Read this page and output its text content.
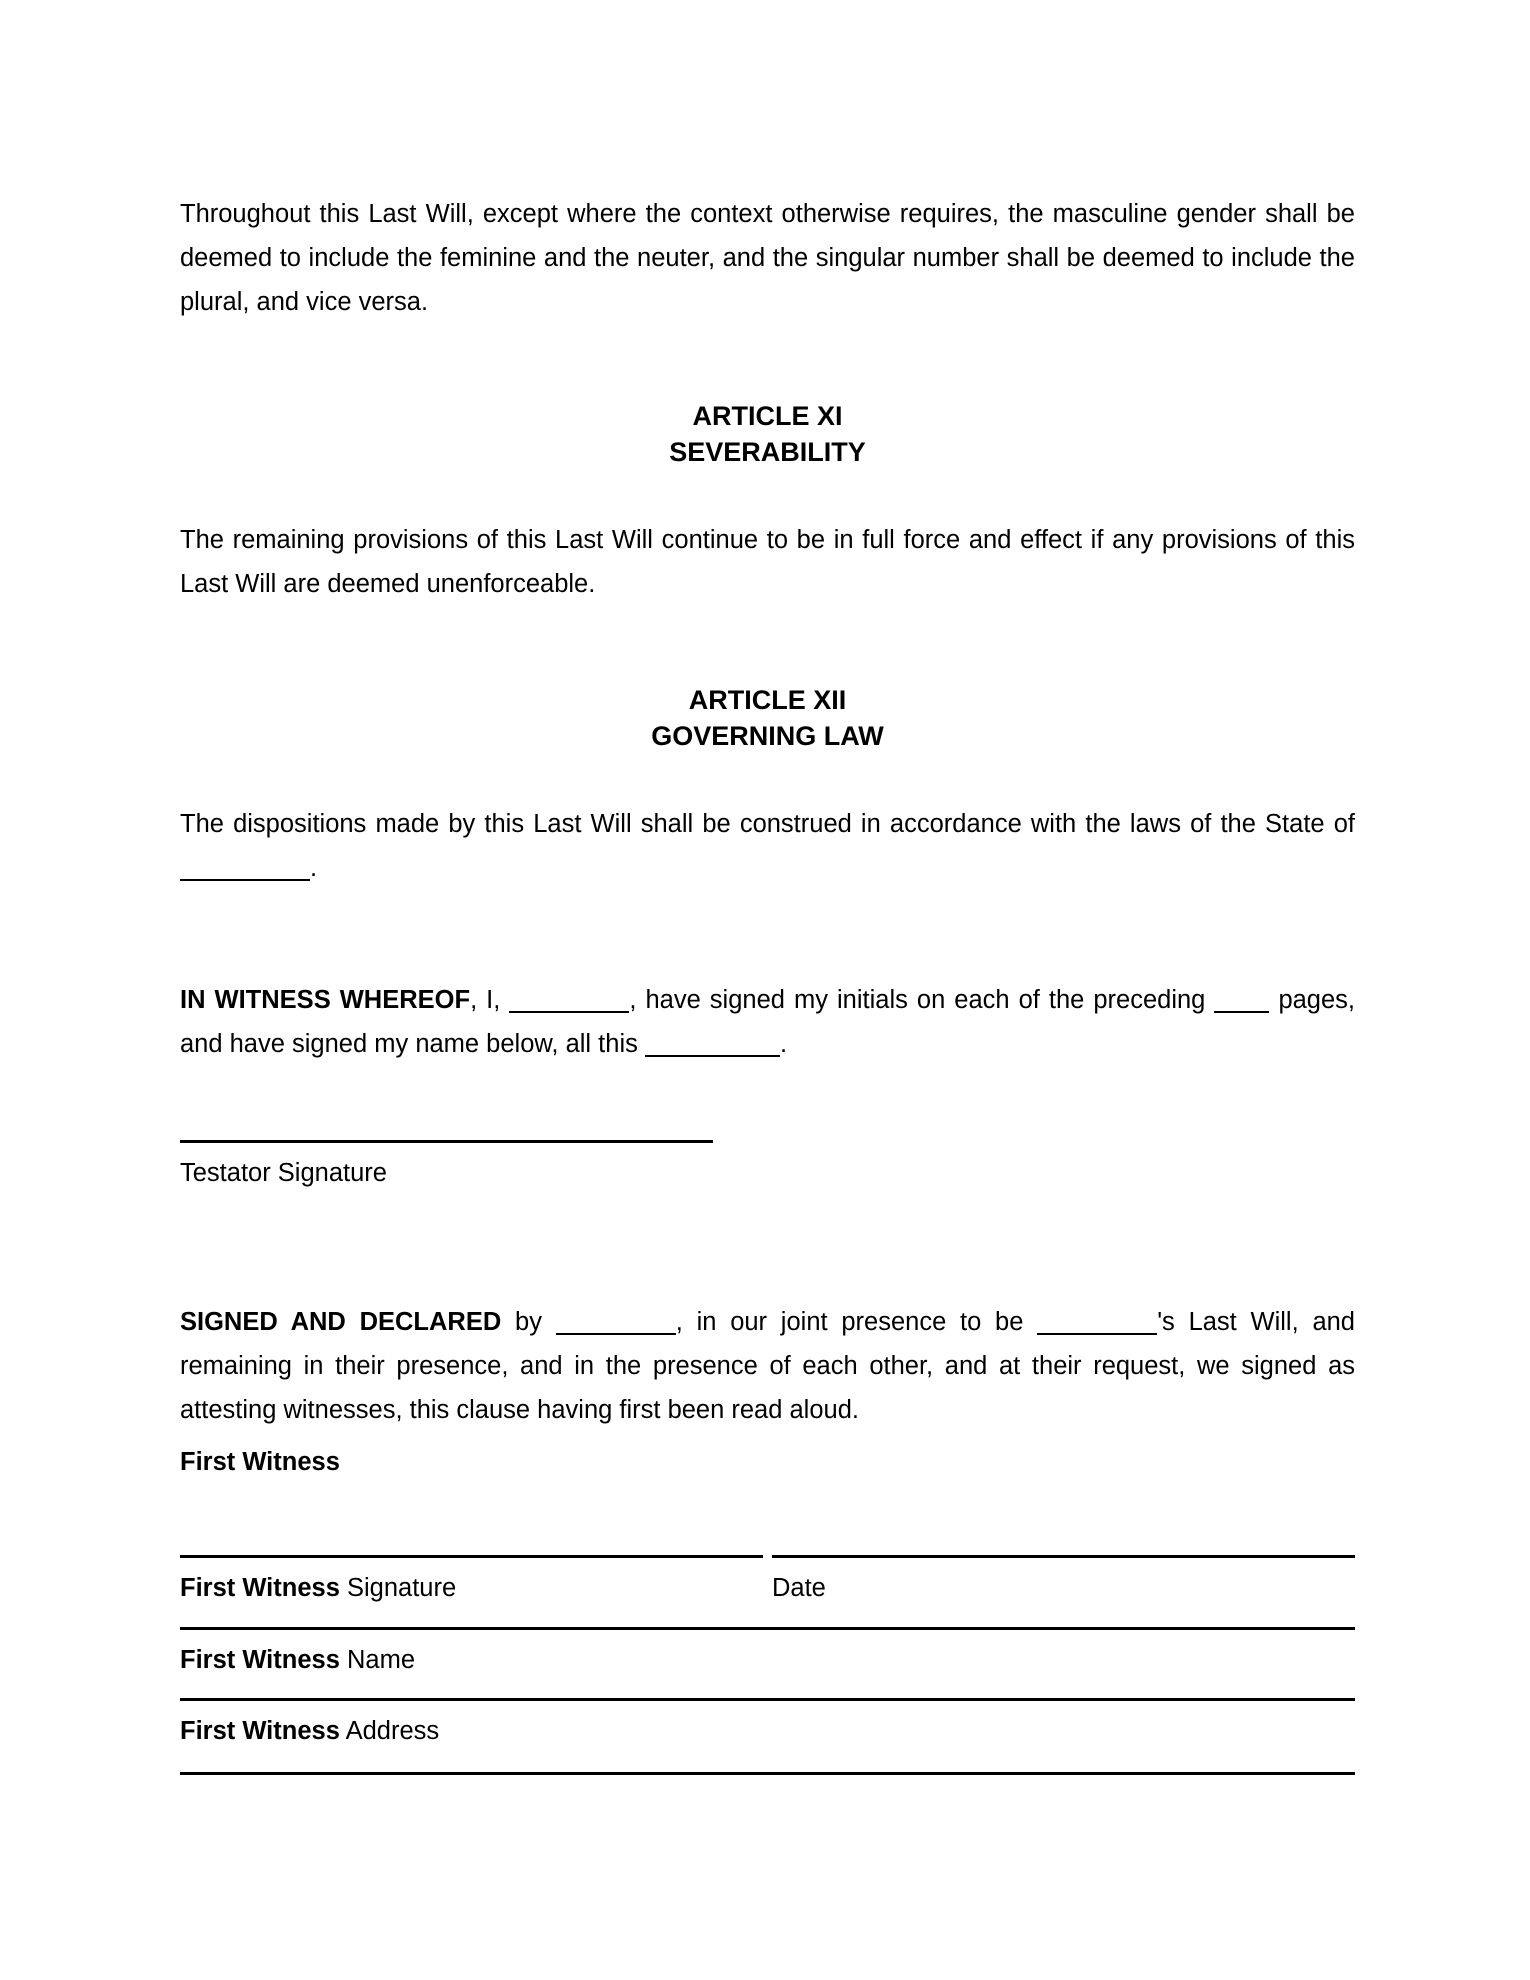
Throughout this Last Will, except where the context otherwise requires, the masculine gender shall be deemed to include the feminine and the neuter, and the singular number shall be deemed to include the plural, and vice versa.

ARTICLE XI
SEVERABILITY

The remaining provisions of this Last Will continue to be in full force and effect if any provisions of this Last Will are deemed unenforceable.

ARTICLE XII
GOVERNING LAW

The dispositions made by this Last Will shall be construed in accordance with the laws of the State of .

IN WITNESS WHEREOF, I,	, have signed my initials on each of the preceding	pages, and have signed my name below, all this	.

Testator Signature

SIGNED AND DECLARED by	, in our joint presence to be	's Last Will, and remaining in their presence, and in the presence of each other, and at their request, we signed as attesting witnesses, this clause having first been read aloud.

First Witness

First Witness Signature	Date
First Witness Name
First Witness Address
